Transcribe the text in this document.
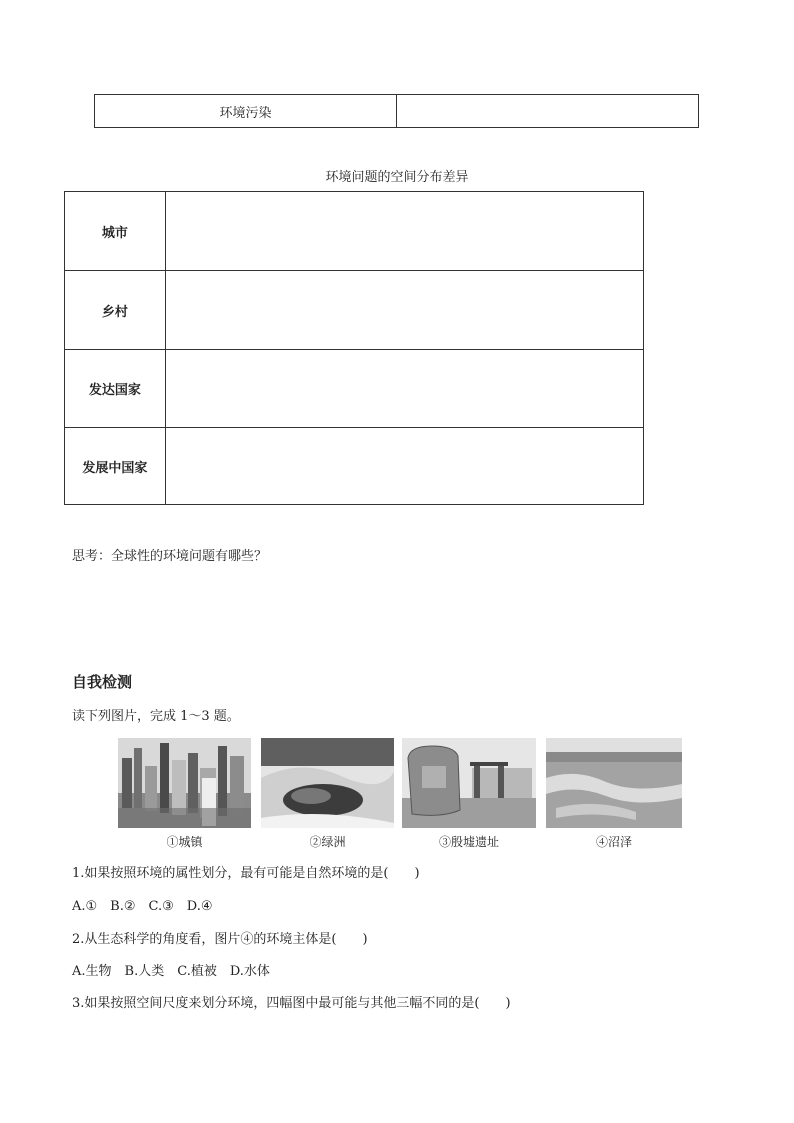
环境污染	
环境问题的空间分布差异
城市	
乡村	
发达国家	
发展中国家	
思考：全球性的环境问题有哪些？
自我检测
读下列图片，完成 1～3 题。
①城镇	②绿洲	③殷墟遗址	④沼泽
1.如果按照环境的属性划分，最有可能是自然环境的是(　　)
A.①　B.②　C.③　D.④
2.从生态科学的角度看，图片④的环境主体是(　　)
A.生物　B.人类　C.植被　D.水体
3.如果按照空间尺度来划分环境，四幅图中最可能与其他三幅不同的是(　　)
